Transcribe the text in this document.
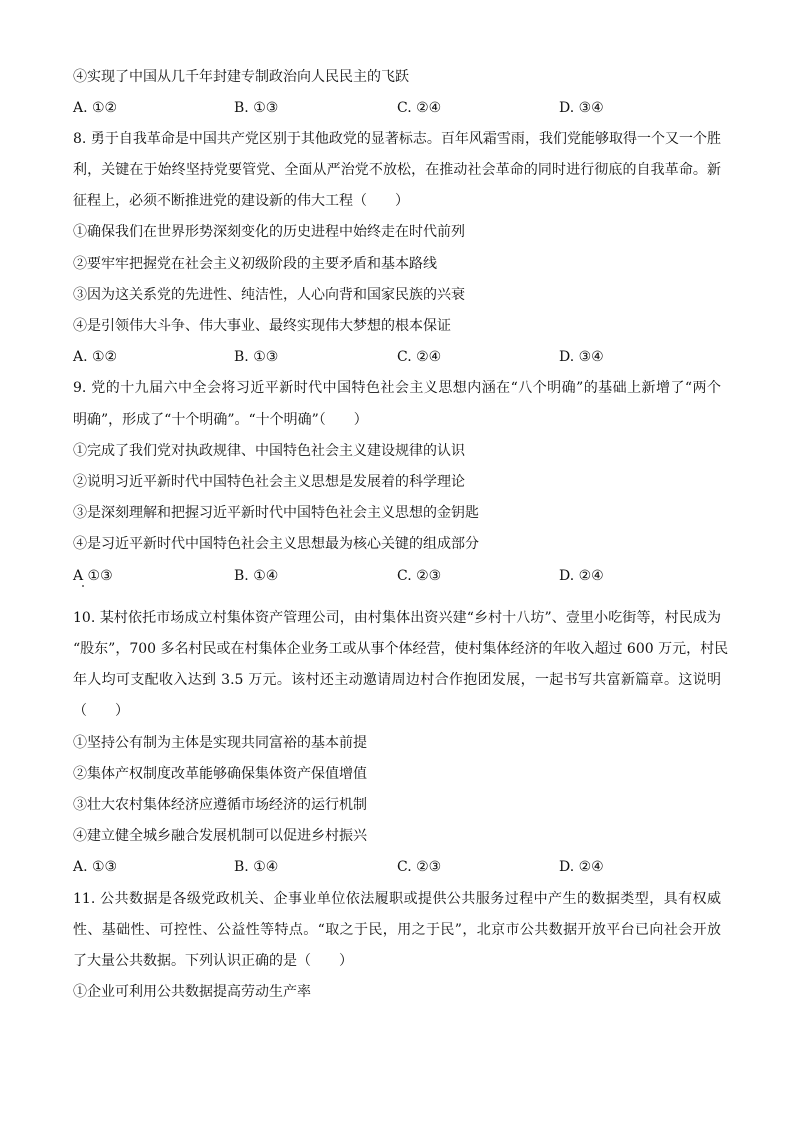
④实现了中国从几千年封建专制政治向人民民主的飞跃
A. ①②	B. ①③	C. ②④	D. ③④
8. 勇于自我革命是中国共产党区别于其他政党的显著标志。百年风霜雪雨，我们党能够取得一个又一个胜
利，关键在于始终坚持党要管党、全面从严治党不放松，在推动社会革命的同时进行彻底的自我革命。新
征程上，必须不断推进党的建设新的伟大工程（　　）
①确保我们在世界形势深刻变化的历史进程中始终走在时代前列
②要牢牢把握党在社会主义初级阶段的主要矛盾和基本路线
③因为这关系党的先进性、纯洁性，人心向背和国家民族的兴衰
④是引领伟大斗争、伟大事业、最终实现伟大梦想的根本保证
A. ①②	B. ①③	C. ②④	D. ③④
9. 党的十九届六中全会将习近平新时代中国特色社会主义思想内涵在“八个明确”的基础上新增了“两个
明确”，形成了“十个明确”。“十个明确”（　　）
①完成了我们党对执政规律、中国特色社会主义建设规律的认识
②说明习近平新时代中国特色社会主义思想是发展着的科学理论
③是深刻理解和把握习近平新时代中国特色社会主义思想的金钥匙
④是习近平新时代中国特色社会主义思想最为核心关键的组成部分
A ①③	B. ①④	C. ②③	D. ②④
10. 某村依托市场成立村集体资产管理公司，由村集体出资兴建“乡村十八坊”、壹里小吃街等，村民成为
“股东”，700 多名村民或在村集体企业务工或从事个体经营，使村集体经济的年收入超过 600 万元，村民
年人均可支配收入达到 3.5 万元。该村还主动邀请周边村合作抱团发展，一起书写共富新篇章。这说明
（　　）
①坚持公有制为主体是实现共同富裕的基本前提
②集体产权制度改革能够确保集体资产保值增值
③壮大农村集体经济应遵循市场经济的运行机制
④建立健全城乡融合发展机制可以促进乡村振兴
A. ①③	B. ①④	C. ②③	D. ②④
11. 公共数据是各级党政机关、企事业单位依法履职或提供公共服务过程中产生的数据类型，具有权威
性、基础性、可控性、公益性等特点。“取之于民，用之于民”，北京市公共数据开放平台已向社会开放
了大量公共数据。下列认识正确的是（　　）
①企业可利用公共数据提高劳动生产率
